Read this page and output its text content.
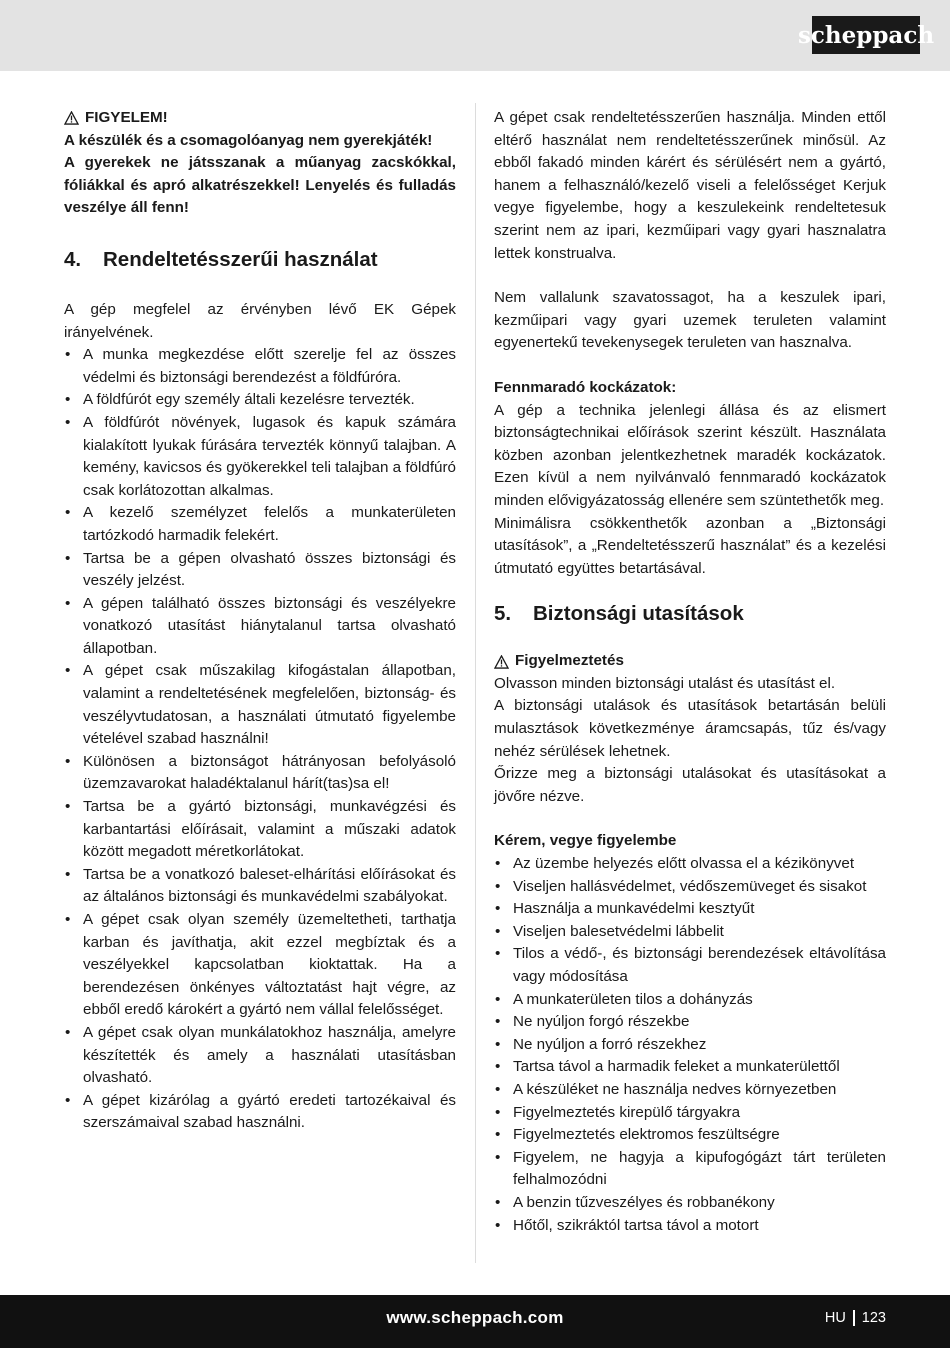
scheppach
FIGYELEM!

A készülék és a csomagolóanyag nem gyerekjáték!

A gyerekek ne játsszanak a műanyag zacskókkal, fóliákkal és apró alkatrészekkel! Lenyelés és fulladás veszélye áll fenn!

4.	Rendeltetésszerűi használat

A gép megfelel az érvényben lévő EK Gépek irányelvének.

• A munka megkezdése előtt szerelje fel az összes védelmi és biztonsági berendezést a földfúróra.
• A földfúrót egy személy általi kezelésre tervezték.
• A földfúrót növények, lugasok és kapuk számára kialakított lyukak fúrására tervezték könnyű talajban. A kemény, kavicsos és gyökerekkel teli talajban a földfúró csak korlátozottan alkalmas.
• A kezelő személyzet felelős a munkaterületen tartózkodó harmadik felekért.
• Tartsa be a gépen olvasható összes biztonsági és veszély jelzést.
• A gépen található összes biztonsági és veszélyekre vonatkozó utasítást hiánytalanul tartsa olvasható állapotban.
• A gépet csak műszakilag kifogástalan állapotban, valamint a rendeltetésének megfelelően, biztonság- és veszélyvtudatosan, a használati útmutató figyelembe vételével szabad használni!
• Különösen a biztonságot hátrányosan befolyásoló üzemzavarokat haladéktalanul hárít(tas)sa el!
• Tartsa be a gyártó biztonsági, munkavégzési és karbantartási előírásait, valamint a műszaki adatok között megadott méretkorlátokat.
• Tartsa be a vonatkozó baleset-elhárítási előírásokat és az általános biztonsági és munkavédelmi szabályokat.
• A gépet csak olyan személy üzemeltetheti, tarthatja karban és javíthatja, akit ezzel megbíztak és a veszélyekkel kapcsolatban kioktattak. Ha a berendezésen önkényes változtatást hajt végre, az ebből eredő károkért a gyártó nem vállal felelősséget.
• A gépet csak olyan munkálatokhoz használja, amelyre készítették és amely a használati utasításban olvasható.
• A gépet kizárólag a gyártó eredeti tartozékaival és szerszámaival szabad használni.

A gépet csak rendeltetésszerűen használja. Minden ettől eltérő használat nem rendeltetésszerűnek minősül. Az ebből fakadó minden kárért és sérülésért nem a gyártó, hanem a felhasználó/kezelő viseli a felelősséget Kerjuk vegye figyelembe, hogy a keszulekeink rendeltetesuk szerint nem az ipari, kezműipari vagy gyari hasznalatra lettek konstrualva.

Nem vallalunk szavatossagot, ha a keszulek ipari, kezműipari vagy gyari uzemek teruleten valamint egyenertekű tevekenysegek teruleten van hasznalva.

Fennmaradó kockázatok:

A gép a technika jelenlegi állása és az elismert biztonságtechnikai előírások szerint készült. Használata közben azonban jelentkezhetnek maradék kockázatok. Ezen kívül a nem nyilvánvaló fennmaradó kockázatok minden elővigyázatosság ellenére sem szüntethetők meg.

Minimálisra csökkenthetők azonban a „Biztonsági utasítások”, a „Rendeltetésszerű használat” és a kezelési útmutató együttes betartásával.

5.	Biztonsági utasítások
Figyelmeztetés

Olvasson minden biztonsági utalást és utasítást el.

A biztonsági utalások és utasítások betartásán belüli mulasztások következménye áramcsapás, tűz és/vagy nehéz sérülések lehetnek.

Őrizze meg a biztonsági utalásokat és utasításokat a jövőre nézve.

Kérem, vegye figyelembe

• Az üzembe helyezés előtt olvassa el a kézikönyvet
• Viseljen hallásvédelmet, védőszemüveget és sisakot
• Használja a munkavédelmi kesztyűt
• Viseljen balesetvédelmi lábbelit
• Tilos a védő-, és biztonsági berendezések eltávolítása vagy módosítása
• A munkaterületen tilos a dohányzás
• Ne nyúljon forgó részekbe
• Ne nyúljon a forró részekhez
• Tartsa távol a harmadik feleket a munkaterülettől
• A készüléket ne használja nedves környezetben
• Figyelmeztetés kirepülő tárgyakra
• Figyelmeztetés elektromos feszültségre
• Figyelem, ne hagyja a kipufogógázt tárt területen felhalmozódni
• A benzin tűzveszélyes és robbanékony
• Hőtől, szikráktól tartsa távol a motort
www.scheppach.com	HU 123
